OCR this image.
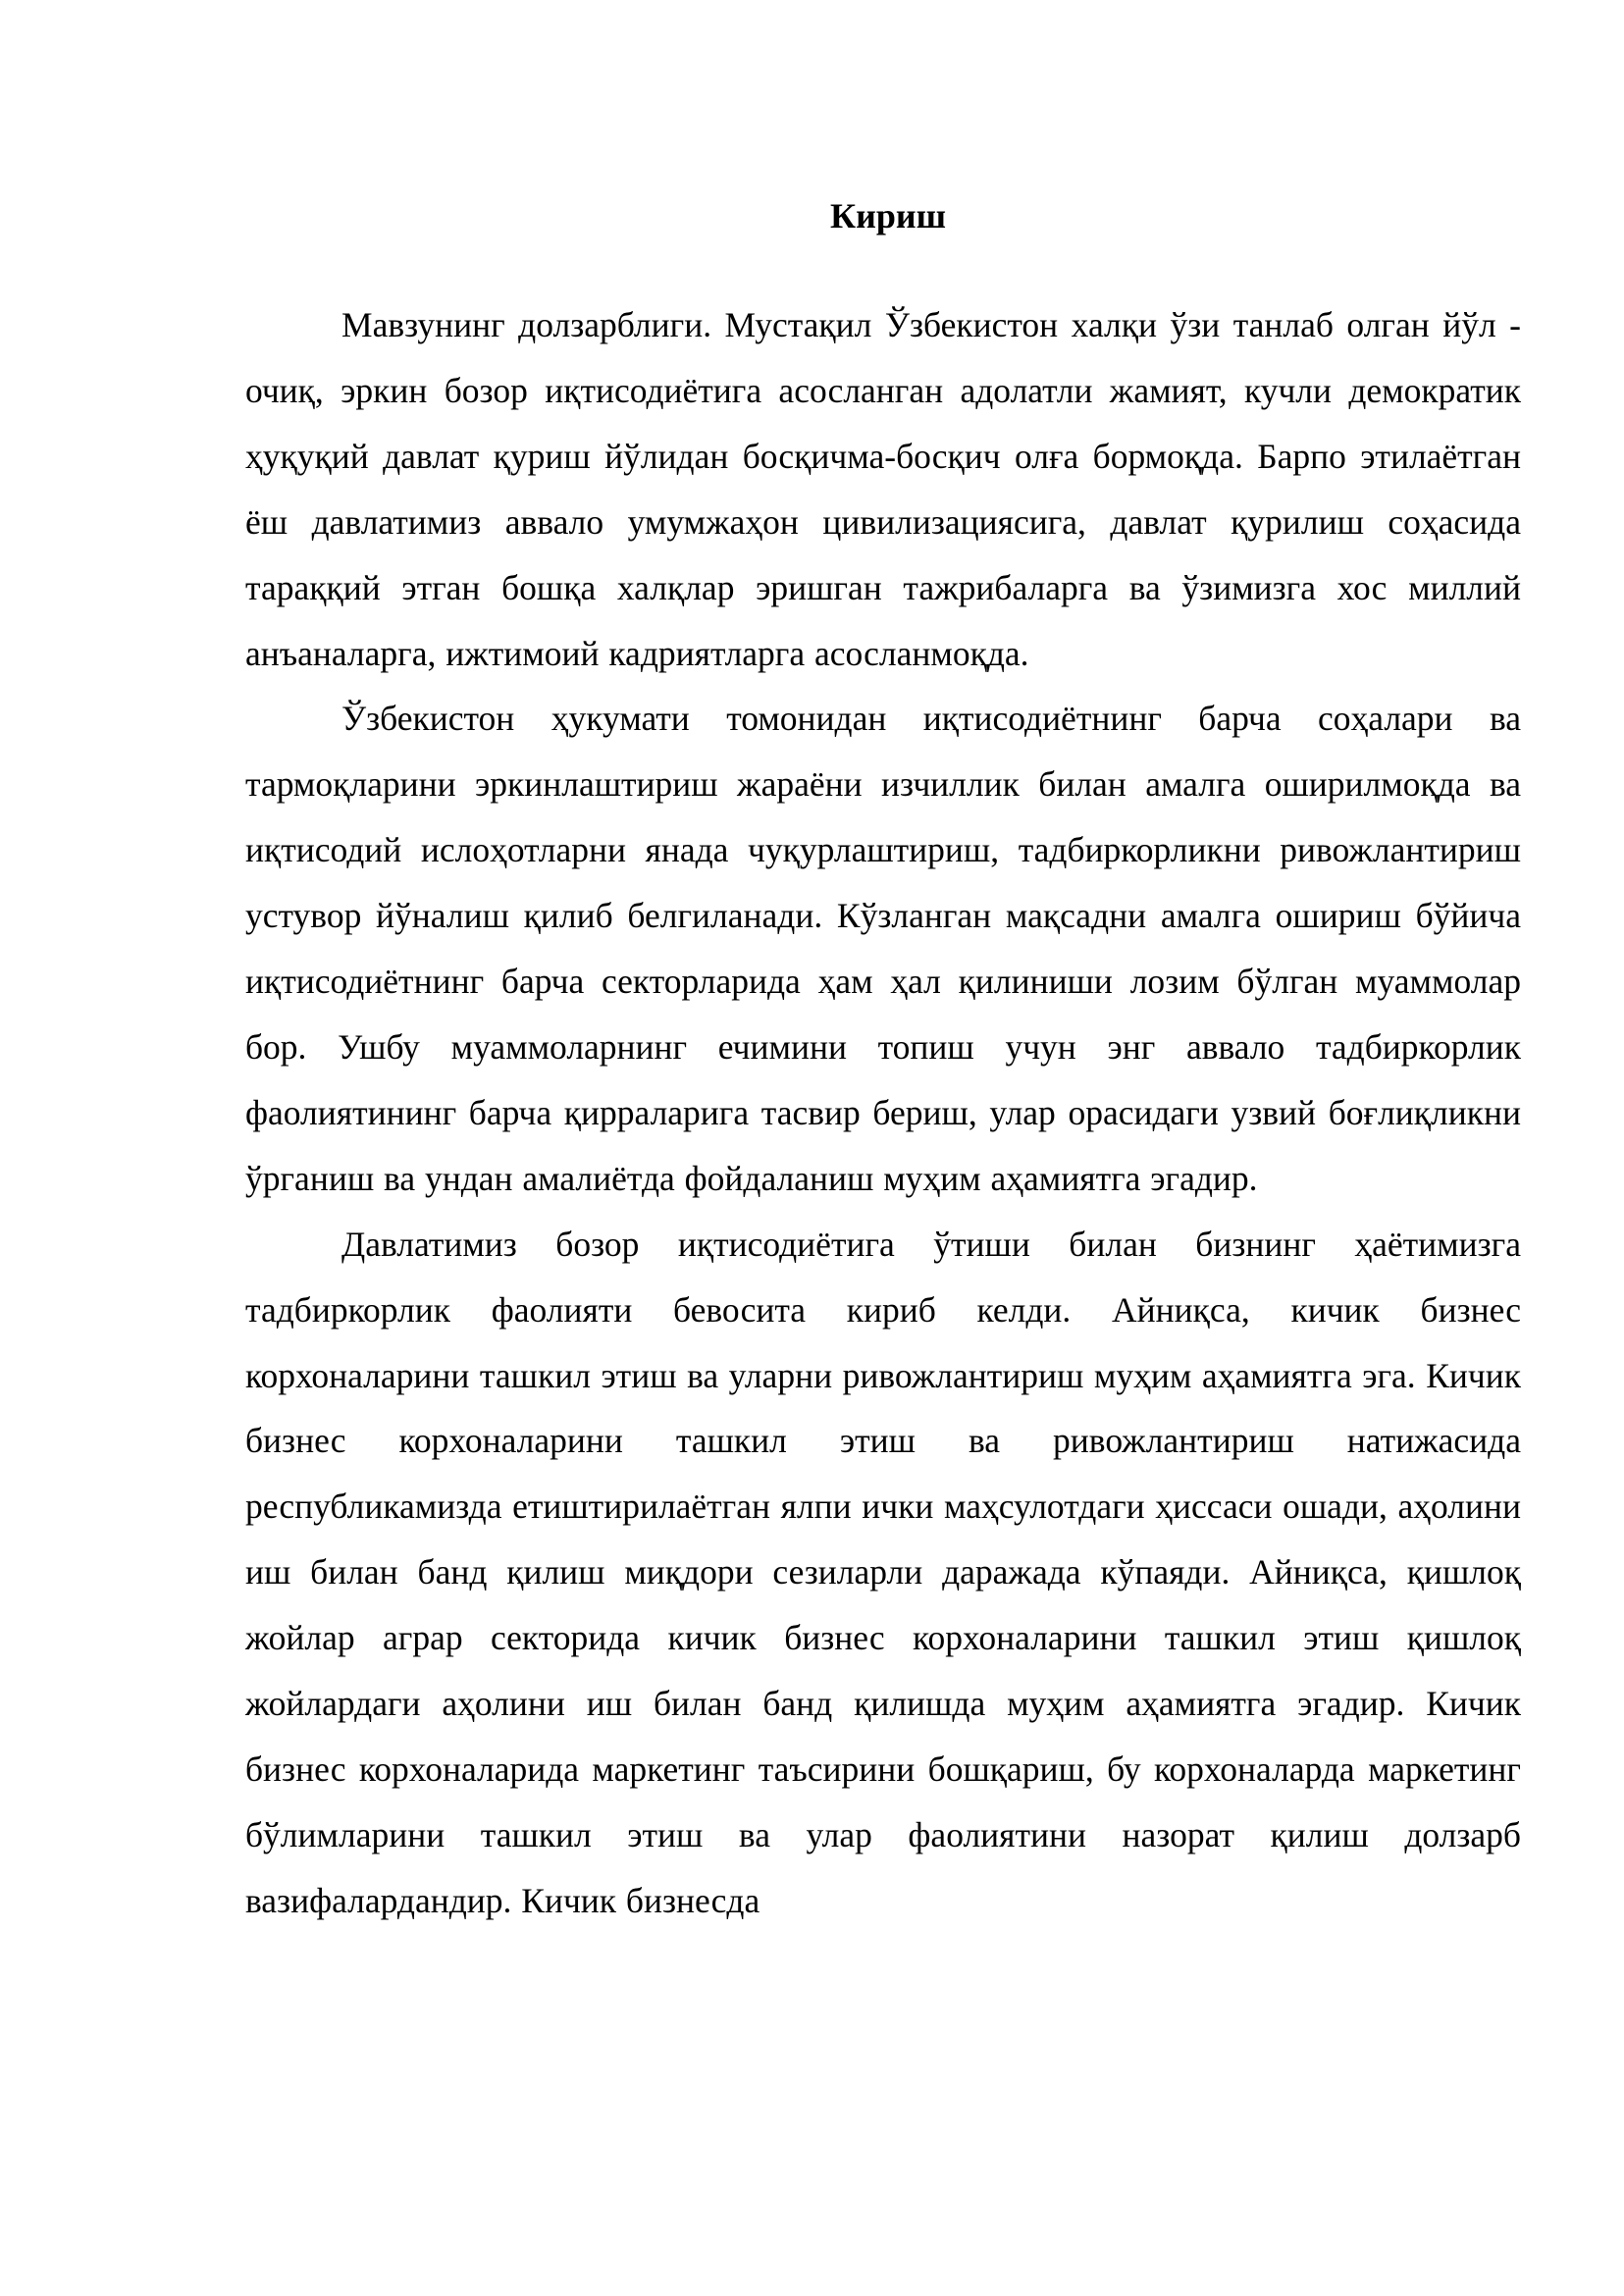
Кириш

Мавзунинг долзарблиги. Мустақил Ўзбекистон халқи ўзи танлаб олган йўл - очиқ, эркин бозор иқтисодиётига асосланган адолатли жамият, кучли демократик ҳуқуқий давлат қуриш йўлидан босқичма-босқич олға бормоқда. Барпо этилаётган ёш давлатимиз аввало умумжаҳон цивилизациясига, давлат қурилиш соҳасида тараққий этган бошқа халқлар эришган тажрибаларга ва ўзимизга хос миллий анъаналарга, ижтимоий кадриятларга асосланмоқда.

Ўзбекистон ҳукумати томонидан иқтисодиётнинг барча соҳалари ва тармоқларини эркинлаштириш жараёни изчиллик билан амалга оширилмоқда ва иқтисодий ислоҳотларни янада чуқурлаштириш, тадбиркорликни ривожлантириш устувор йўналиш қилиб белгиланади. Кўзланган мақсадни амалга ошириш бўйича иқтисодиётнинг барча секторларида ҳам ҳал қилиниши лозим бўлган муаммолар бор. Ушбу муаммоларнинг ечимини топиш учун энг аввало тадбиркорлик фаолиятининг барча қирраларига тасвир бериш, улар орасидаги узвий боғлиқликни ўрганиш ва ундан амалиётда фойдаланиш муҳим аҳамиятга эгадир.

Давлатимиз бозор иқтисодиётига ўтиши билан бизнинг ҳаётимизга тадбиркорлик фаолияти бевосита кириб келди. Айниқса, кичик бизнес корхоналарини ташкил этиш ва уларни ривожлантириш муҳим аҳамиятга эга. Кичик бизнес корхоналарини ташкил этиш ва ривожлантириш натижасида республикамизда етиштирилаётган ялпи ички маҳсулотдаги ҳиссаси ошади, аҳолини иш билан банд қилиш миқдори сезиларли даражада кўпаяди. Айниқса, қишлоқ жойлар аграр секторида кичик бизнес корхоналарини ташкил этиш қишлоқ жойлардаги аҳолини иш билан банд қилишда муҳим аҳамиятга эгадир. Кичик бизнес корхоналарида маркетинг таъсирини бошқариш, бу корхоналарда маркетинг бўлимларини ташкил этиш ва улар фаолиятини назорат қилиш долзарб вазифалардандир. Кичик бизнесда
